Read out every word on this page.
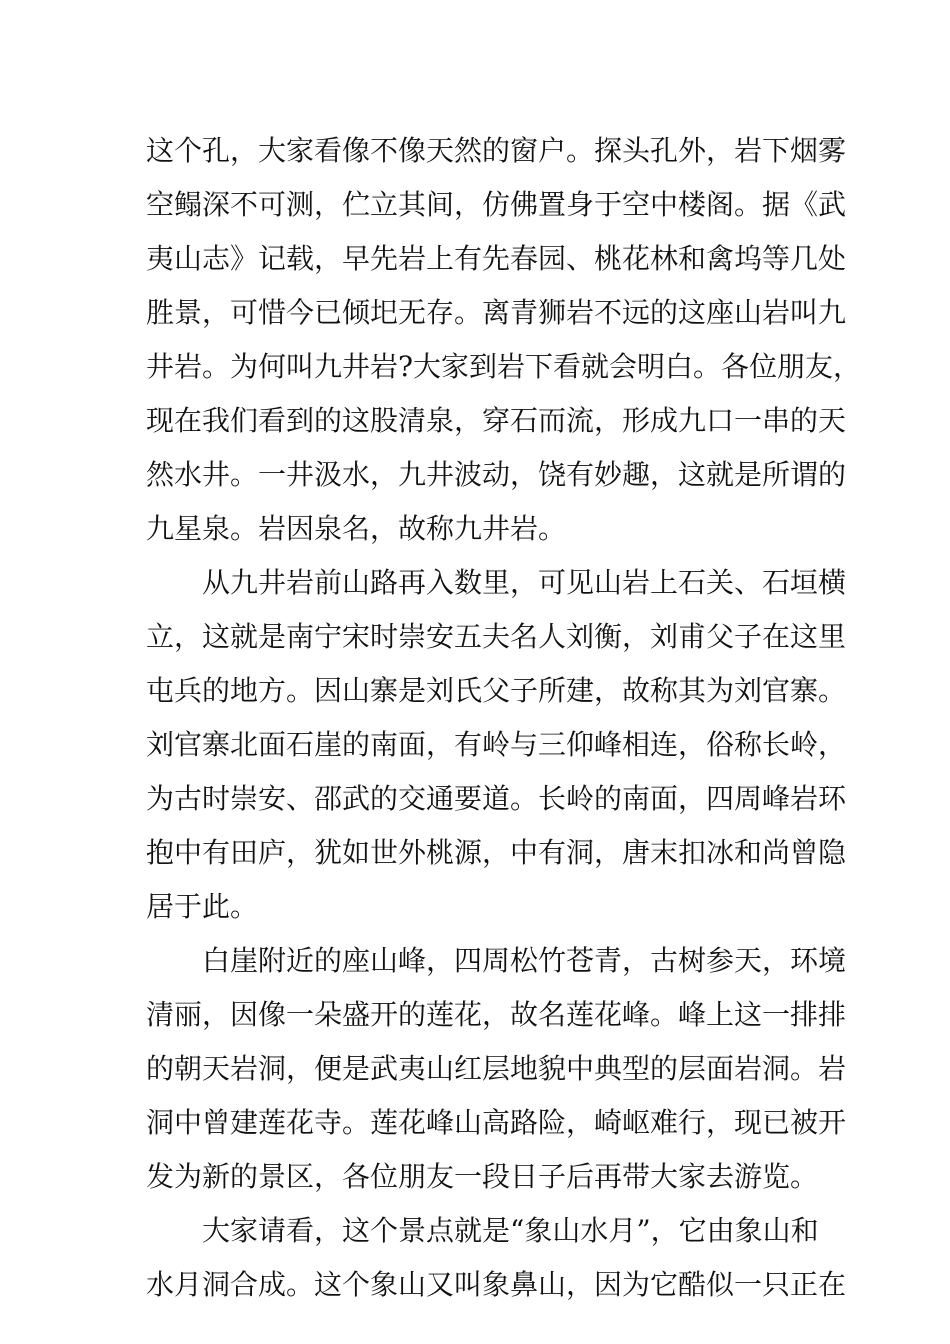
这个孔，大家看像不像天然的窗户。探头孔外，岩下烟雾
空鳎深不可测，伫立其间，仿佛置身于空中楼阁。据《武
夷山志》记载，早先岩上有先春园、桃花林和禽坞等几处
胜景，可惜今已倾圯无存。离青狮岩不远的这座山岩叫九
井岩。为何叫九井岩?大家到岩下看就会明白。各位朋友，
现在我们看到的这股清泉，穿石而流，形成九口一串的天
然水井。一井汲水，九井波动，饶有妙趣，这就是所谓的
九星泉。岩因泉名，故称九井岩。
从九井岩前山路再入数里，可见山岩上石关、石垣横
立，这就是南宁宋时崇安五夫名人刘衡，刘甫父子在这里
屯兵的地方。因山寨是刘氏父子所建，故称其为刘官寨。
刘官寨北面石崖的南面，有岭与三仰峰相连，俗称长岭，
为古时崇安、邵武的交通要道。长岭的南面，四周峰岩环
抱中有田庐，犹如世外桃源，中有洞，唐末扣冰和尚曾隐
居于此。
白崖附近的座山峰，四周松竹苍青，古树参天，环境
清丽，因像一朵盛开的莲花，故名莲花峰。峰上这一排排
的朝天岩洞，便是武夷山红层地貌中典型的层面岩洞。岩
洞中曾建莲花寺。莲花峰山高路险，崎岖难行，现已被开
发为新的景区，各位朋友一段日子后再带大家去游览。
大家请看，这个景点就是“象山水月”，它由象山和
水月洞合成。这个象山又叫象鼻山，因为它酷似一只正在
